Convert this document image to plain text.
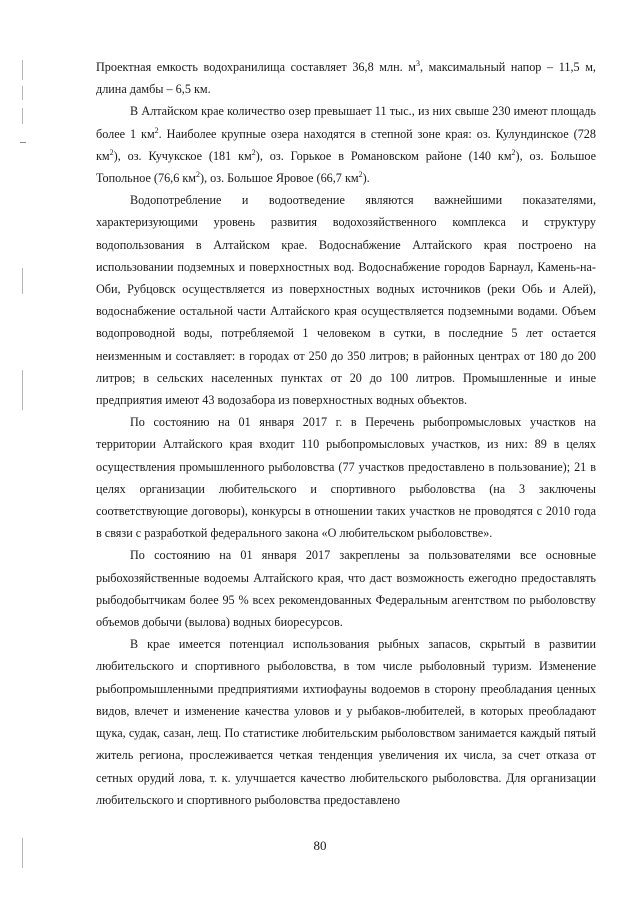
Проектная емкость водохранилища составляет 36,8 млн. $м^3$, максимальный напор – 11,5 м, длина дамбы – 6,5 км.

В Алтайском крае количество озер превышает 11 тыс., из них свыше 230 имеют площадь более 1 $км^2$. Наиболее крупные озера находятся в степной зоне края: оз. Кулундинское (728 $км^2$), оз. Кучукское (181 $км^2$), оз. Горькое в Романовском районе (140 $км^2$), оз. Большое Топольное (76,6 $км^2$), оз. Большое Яровое (66,7 $км^2$).

Водопотребление и водоотведение являются важнейшими показателями, характеризующими уровень развития водохозяйственного комплекса и структуру водопользования в Алтайском крае. Водоснабжение Алтайского края построено на использовании подземных и поверхностных вод. Водоснабжение городов Барнаул, Камень-на-Оби, Рубцовск осуществляется из поверхностных водных источников (реки Обь и Алей), водоснабжение остальной части Алтайского края осуществляется подземными водами. Объем водопроводной воды, потребляемой 1 человеком в сутки, в последние 5 лет остается неизменным и составляет: в городах от 250 до 350 литров; в районных центрах от 180 до 200 литров; в сельских населенных пунктах от 20 до 100 литров. Промышленные и иные предприятия имеют 43 водозабора из поверхностных водных объектов.

По состоянию на 01 января 2017 г. в Перечень рыбопромысловых участков на территории Алтайского края входит 110 рыбопромысловых участков, из них: 89 в целях осуществления промышленного рыболовства (77 участков предоставлено в пользование); 21 в целях организации любительского и спортивного рыболовства (на 3 заключены соответствующие договоры), конкурсы в отношении таких участков не проводятся с 2010 года в связи с разработкой федерального закона «О любительском рыболовстве».

По состоянию на 01 января 2017 закреплены за пользователями все основные рыбохозяйственные водоемы Алтайского края, что даст возможность ежегодно предоставлять рыбодобытчикам более 95 % всех рекомендованных Федеральным агентством по рыболовству объемов добычи (вылова) водных биоресурсов.

В крае имеется потенциал использования рыбных запасов, скрытый в развитии любительского и спортивного рыболовства, в том числе рыболовный туризм. Изменение рыбопромышленными предприятиями ихтиофауны водоемов в сторону преобладания ценных видов, влечет и изменение качества уловов и у рыбаков-любителей, в которых преобладают щука, судак, сазан, лещ. По статистике любительским рыболовством занимается каждый пятый житель региона, прослеживается четкая тенденция увеличения их числа, за счет отказа от сетных орудий лова, т. к. улучшается качество любительского рыболовства. Для организации любительского и спортивного рыболовства предоставлено

80
